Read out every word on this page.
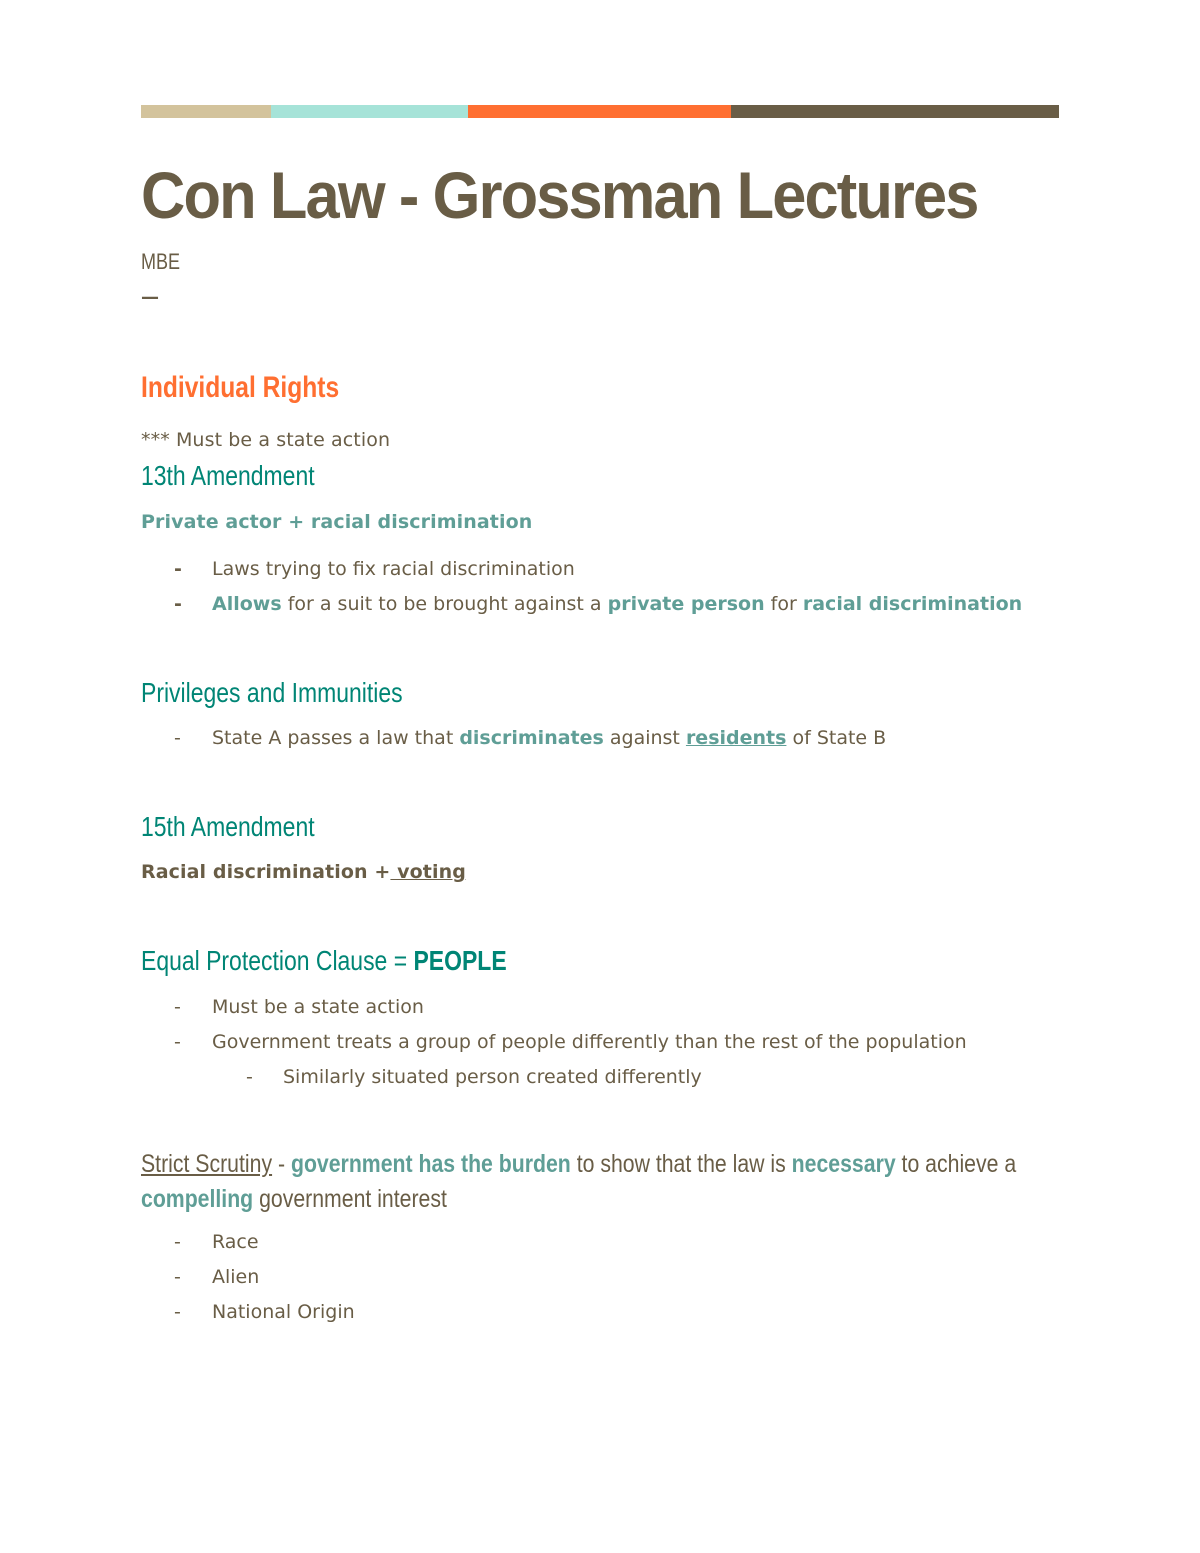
Con Law - Grossman Lectures
MBE
—
Individual Rights
*** Must be a state action
13th Amendment
Private actor + racial discrimination
- Laws trying to fix racial discrimination
- Allows for a suit to be brought against a private person for racial discrimination
Privileges and Immunities
- State A passes a law that discriminates against residents of State B
15th Amendment
Racial discrimination + voting
Equal Protection Clause = PEOPLE
- Must be a state action
- Government treats a group of people differently than the rest of the population
- Similarly situated person created differently
Strict Scrutiny - government has the burden to show that the law is necessary to achieve a
compelling government interest
- Race
- Alien
- National Origin
